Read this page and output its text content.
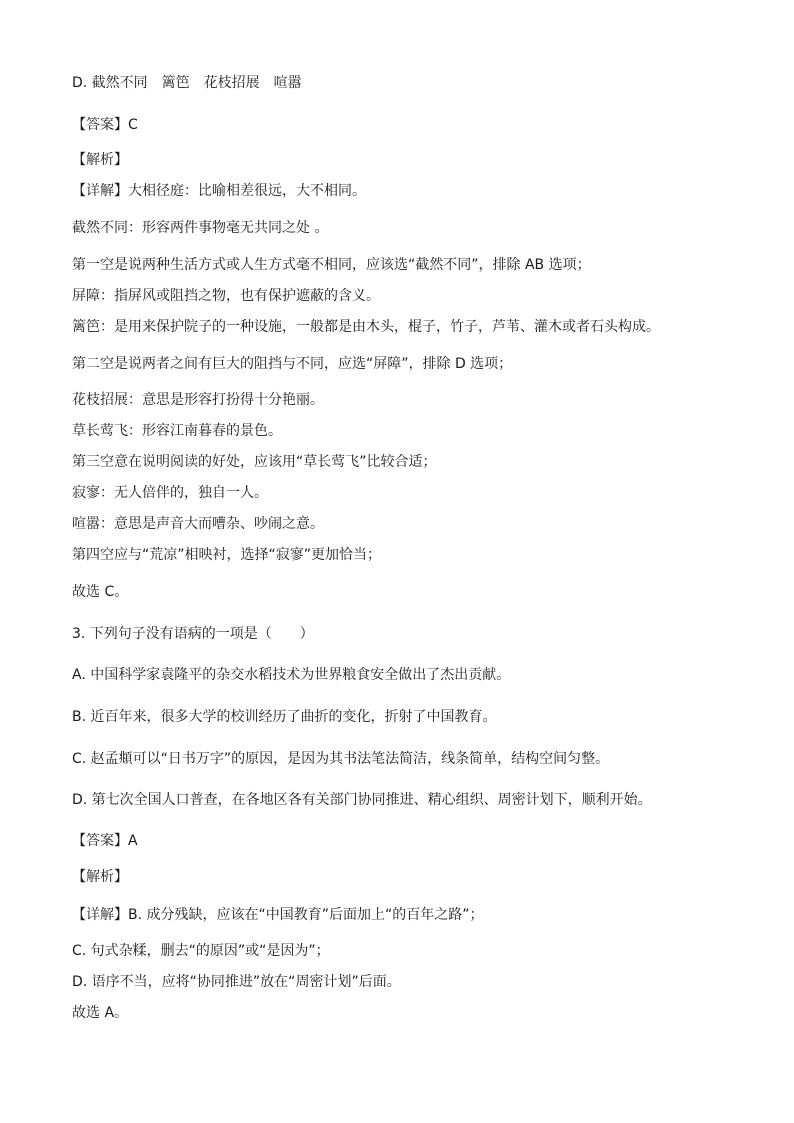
D. 截然不同　篱笆　花枝招展　喧嚣
【答案】C
【解析】
【详解】大相径庭：比喻相差很远，大不相同。
截然不同：形容两件事物毫无共同之处 。
第一空是说两种生活方式或人生方式毫不相同，应该选“截然不同”，排除 AB 选项；
屏障：指屏风或阻挡之物，也有保护遮蔽的含义。
篱笆：是用来保护院子的一种设施，一般都是由木头，棍子，竹子，芦苇、灌木或者石头构成。
第二空是说两者之间有巨大的阻挡与不同，应选“屏障”，排除 D 选项；
花枝招展：意思是形容打扮得十分艳丽。
草长莺飞：形容江南暮春的景色。
第三空意在说明阅读的好处，应该用“草长莺飞”比较合适；
寂寥：无人倍伴的，独自一人。
喧嚣：意思是声音大而嘈杂、吵闹之意。
第四空应与“荒凉”相映衬，选择“寂寥”更加恰当；
故选 C。
3. 下列句子没有语病的一项是（　　）
A. 中国科学家袁隆平的杂交水稻技术为世界粮食安全做出了杰出贡献。
B. 近百年来，很多大学的校训经历了曲折的变化，折射了中国教育。
C. 赵孟頫可以“日书万字”的原因，是因为其书法笔法简洁，线条简单，结构空间匀整。
D. 第七次全国人口普查，在各地区各有关部门协同推进、精心组织、周密计划下，顺利开始。
【答案】A
【解析】
【详解】B. 成分残缺，应该在“中国教育”后面加上“的百年之路”；
C. 句式杂糅，删去“的原因”或“是因为”；
D. 语序不当，应将“协同推进”放在“周密计划”后面。
故选 A。
